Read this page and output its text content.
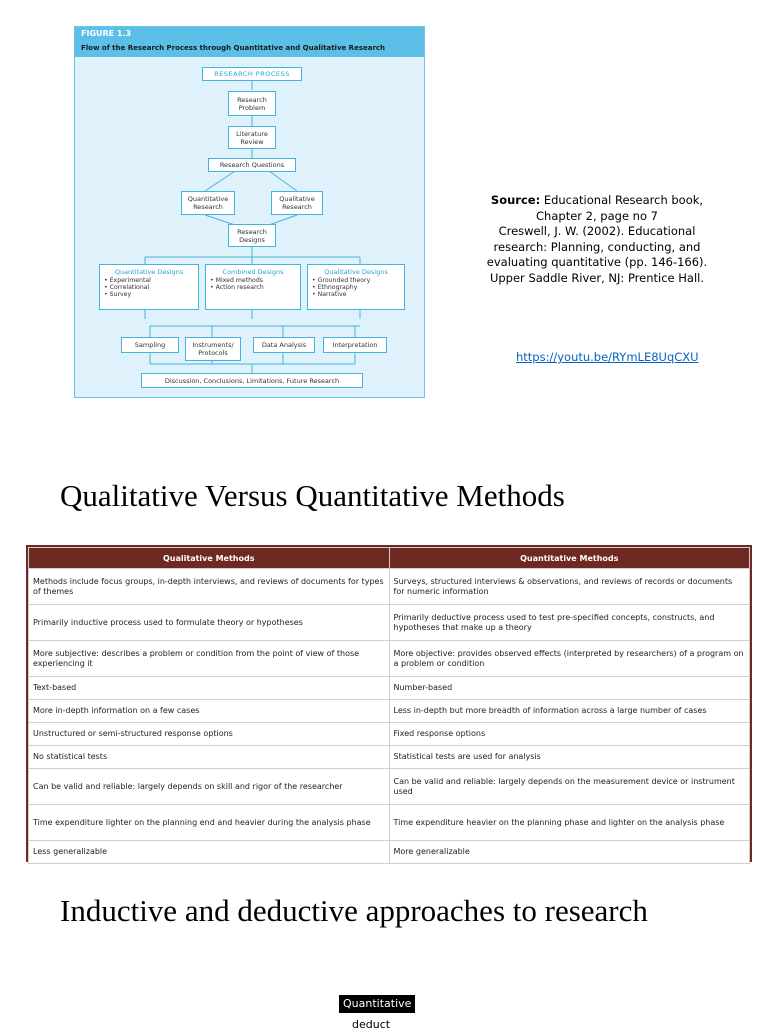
FIGURE 1.3
Flow of the Research Process through Quantitative and Qualitative Research
RESEARCH PROCESS
Research
Problem
Literature
Review
Research Questions
Quantitative
Research
Qualitative
Research
Research
Designs
Quantitative Designs
• Experimental
• Correlational
• Survey
Combined Designs
• Mixed methods
• Action research
Qualitative Designs
• Grounded theory
• Ethnography
• Narrative
Sampling	Instruments/
Protocols
Data Analysis	Interpretation
Discussion, Conclusions, Limitations, Future Research
Source: Educational Research book,
Chapter 2, page no 7
Creswell, J. W. (2002). Educational
research: Planning, conducting, and
evaluating quantitative (pp. 146-166).
Upper Saddle River, NJ: Prentice Hall.
https://youtu.be/RYmLE8UqCXU
Qualitative Versus Quantitative Methods
Qualitative Methods	Quantitative Methods
Methods include focus groups, in-depth interviews, and reviews of documents for types of themes	Surveys, structured interviews & observations, and reviews of records or documents for numeric information
Primarily inductive process used to formulate theory or hypotheses	Primarily deductive process used to test pre-specified concepts, constructs, and hypotheses that make up a theory
More subjective: describes a problem or condition from the point of view of those experiencing it	More objective: provides observed effects (interpreted by researchers) of a program on a problem or condition
Text-based	Number-based
More in-depth information on a few cases	Less in-depth but more breadth of information across a large number of cases
Unstructured or semi-structured response options	Fixed response options
No statistical tests	Statistical tests are used for analysis
Can be valid and reliable: largely depends on skill and rigor of the researcher	Can be valid and reliable: largely depends on the measurement device or instrument used
Time expenditure lighter on the planning end and heavier during the analysis phase	Time expenditure heavier on the planning phase and lighter on the analysis phase
Less generalizable	More generalizable
Inductive and deductive approaches to research
Quantitative
deduct
